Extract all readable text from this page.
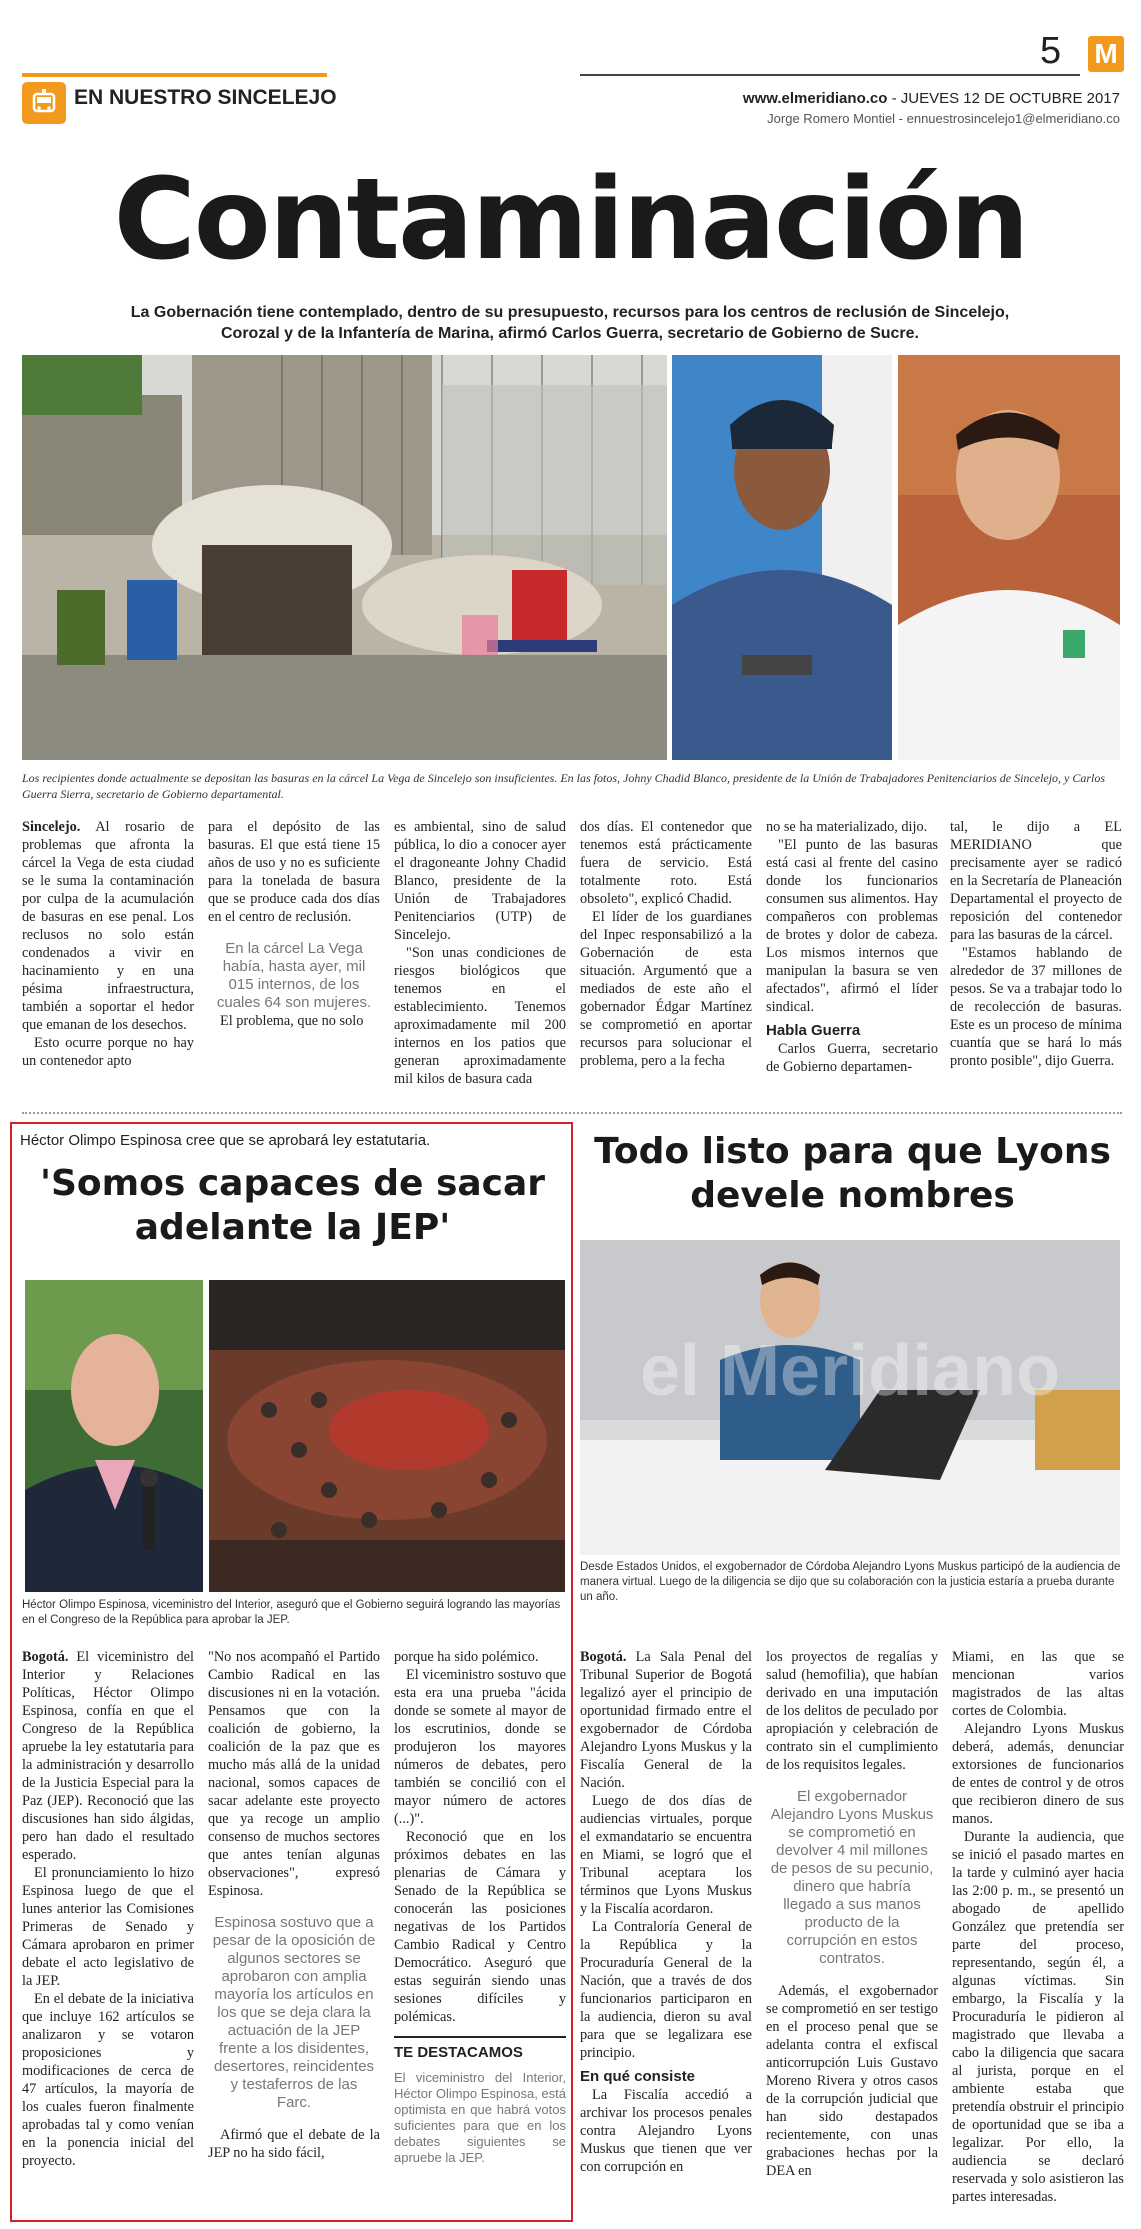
EN NUESTRO SINCELEJO
5 M
www.elmeridiano.co - JUEVES 12 DE OCTUBRE 2017
Jorge Romero Montiel - ennuestrosincelejo1@elmeridiano.co
Contaminación
La Gobernación tiene contemplado, dentro de su presupuesto, recursos para los centros de reclusión de Sincelejo, Corozal y de la Infantería de Marina, afirmó Carlos Guerra, secretario de Gobierno de Sucre.
Los recipientes donde actualmente se depositan las basuras en la cárcel La Vega de Sincelejo son insuficientes. En las fotos, Johny Chadid Blanco, presidente de la Unión de Trabajadores Penitenciarios de Sincelejo, y Carlos Guerra Sierra, secretario de Gobierno departamental.

Sincelejo. Al rosario de problemas que afronta la cárcel la Vega de esta ciudad se le suma la contaminación por culpa de la acumulación de basuras en ese penal. Los reclusos no solo están condenados a vivir en hacinamiento y en una pésima infraestructura, también a soportar el hedor que emanan de los desechos.

Esto ocurre porque no hay un contenedor apto

para el depósito de las basuras. El que está tiene 15 años de uso y no es suficiente para la tonelada de basura que se produce cada dos días en el centro de reclusión.

En la cárcel La Vega había, hasta ayer, mil 015 internos, de los cuales 64 son mujeres.

El problema, que no solo

es ambiental, sino de salud pública, lo dio a conocer ayer el dragoneante Johny Chadid Blanco, presidente de la Unión de Trabajadores Penitenciarios (UTP) de Sincelejo.

"Son unas condiciones de riesgos biológicos que tenemos en el establecimiento. Tenemos aproximadamente mil 200 internos en los patios que generan aproximadamente mil kilos de basura cada

dos días. El contenedor que tenemos está prácticamente fuera de servicio. Está totalmente roto. Está obsoleto", explicó Chadid.

El líder de los guardianes del Inpec responsabilizó a la Gobernación de esta situación. Argumentó que a mediados de este año el gobernador Édgar Martínez se comprometió en aportar recursos para solucionar el problema, pero a la fecha

no se ha materializado, dijo.

"El punto de las basuras está casi al frente del casino donde los funcionarios consumen sus alimentos. Hay compañeros con problemas de brotes y dolor de cabeza. Los mismos internos que manipulan la basura se ven afectados", afirmó el líder sindical.

Habla Guerra

Carlos Guerra, secretario de Gobierno departamen-

tal, le dijo a EL MERIDIANO que precisamente ayer se radicó en la Secretaría de Planeación Departamental el proyecto de reposición del contenedor para las basuras de la cárcel.

"Estamos hablando de alrededor de 37 millones de pesos. Se va a trabajar todo lo de recolección de basuras. Este es un proceso de mínima cuantía que se hará lo más pronto posible", dijo Guerra.

Héctor Olimpo Espinosa cree que se aprobará ley estatutaria.
'Somos capaces de sacar adelante la JEP'
Héctor Olimpo Espinosa, viceministro del Interior, aseguró que el Gobierno seguirá logrando las mayorías en el Congreso de la República para aprobar la JEP.

Bogotá. El viceministro del Interior y Relaciones Políticas, Héctor Olimpo Espinosa, confía en que el Congreso de la República apruebe la ley estatutaria para la administración y desarrollo de la Justicia Especial para la Paz (JEP). Reconoció que las discusiones han sido álgidas, pero han dado el resultado esperado.

El pronunciamiento lo hizo Espinosa luego de que el lunes anterior las Comisiones Primeras de Senado y Cámara aprobaron en primer debate el acto legislativo de la JEP.

En el debate de la iniciativa que incluye 162 artículos se analizaron y se votaron proposiciones y modificaciones de cerca de 47 artículos, la mayoría de los cuales fueron finalmente aprobadas tal y como venían en la ponencia inicial del proyecto.

"No nos acompañó el Partido Cambio Radical en las discusiones ni en la votación. Pensamos que con la coalición de gobierno, la coalición de la paz que es mucho más allá de la unidad nacional, somos capaces de sacar adelante este proyecto que ya recoge un amplio consenso de muchos sectores que antes tenían algunas observaciones", expresó Espinosa.

Espinosa sostuvo que a pesar de la oposición de algunos sectores se aprobaron con amplia mayoría los artículos en los que se deja clara la actuación de la JEP frente a los disidentes, desertores, reincidentes y testaferros de las Farc.

Afirmó que el debate de la JEP no ha sido fácil,

porque ha sido polémico.

El viceministro sostuvo que esta era una prueba "ácida donde se somete al mayor de los escrutinios, donde se produjeron los mayores números de debates, pero también se concilió con el mayor número de actores (...)".

Reconoció que en los próximos debates en las plenarias de Cámara y Senado de la República se conocerán las posiciones negativas de los Partidos Cambio Radical y Centro Democrático. Aseguró que estas seguirán siendo unas sesiones difíciles y polémicas.

TE DESTACAMOS

El viceministro del Interior, Héctor Olimpo Espinosa, está optimista en que habrá votos suficientes para que en los debates siguientes se apruebe la JEP.

Todo listo para que Lyons devele nombres
el Meridiano
Desde Estados Unidos, el exgobernador de Córdoba Alejandro Lyons Muskus participó de la audiencia de manera virtual. Luego de la diligencia se dijo que su colaboración con la justicia estaría a prueba durante un año.

Bogotá. La Sala Penal del Tribunal Superior de Bogotá legalizó ayer el principio de oportunidad firmado entre el exgobernador de Córdoba Alejandro Lyons Muskus y la Fiscalía General de la Nación.

Luego de dos días de audiencias virtuales, porque el exmandatario se encuentra en Miami, se logró que el Tribunal aceptara los términos que Lyons Muskus y la Fiscalía acordaron.

La Contraloría General de la República y la Procuraduría General de la Nación, que a través de dos funcionarios participaron en la audiencia, dieron su aval para que se legalizara ese principio.

En qué consiste

La Fiscalía accedió a archivar los procesos penales contra Alejandro Lyons Muskus que tienen que ver con corrupción en

los proyectos de regalías y salud (hemofilia), que habían derivado en una imputación de los delitos de peculado por apropiación y celebración de contrato sin el cumplimiento de los requisitos legales.

El exgobernador Alejandro Lyons Muskus se comprometió en devolver 4 mil millones de pesos de su pecunio, dinero que habría llegado a sus manos producto de la corrupción en estos contratos.

Además, el exgobernador se comprometió en ser testigo en el proceso penal que se adelanta contra el exfiscal anticorrupción Luis Gustavo Moreno Rivera y otros casos de la corrupción judicial que han sido destapados recientemente, con unas grabaciones hechas por la DEA en

Miami, en las que se mencionan varios magistrados de las altas cortes de Colombia.

Alejandro Lyons Muskus deberá, además, denunciar extorsiones de funcionarios de entes de control y de otros que recibieron dinero de sus manos.

Durante la audiencia, que se inició el pasado martes en la tarde y culminó ayer hacia las 2:00 p. m., se presentó un abogado de apellido González que pretendía ser parte del proceso, representando, según él, a algunas víctimas. Sin embargo, la Fiscalía y la Procuraduría le pidieron al magistrado que llevaba a cabo la diligencia que sacara al jurista, porque en el ambiente estaba que pretendía obstruir el principio de oportunidad que se iba a legalizar. Por ello, la audiencia se declaró reservada y solo asistieron las partes interesadas.
